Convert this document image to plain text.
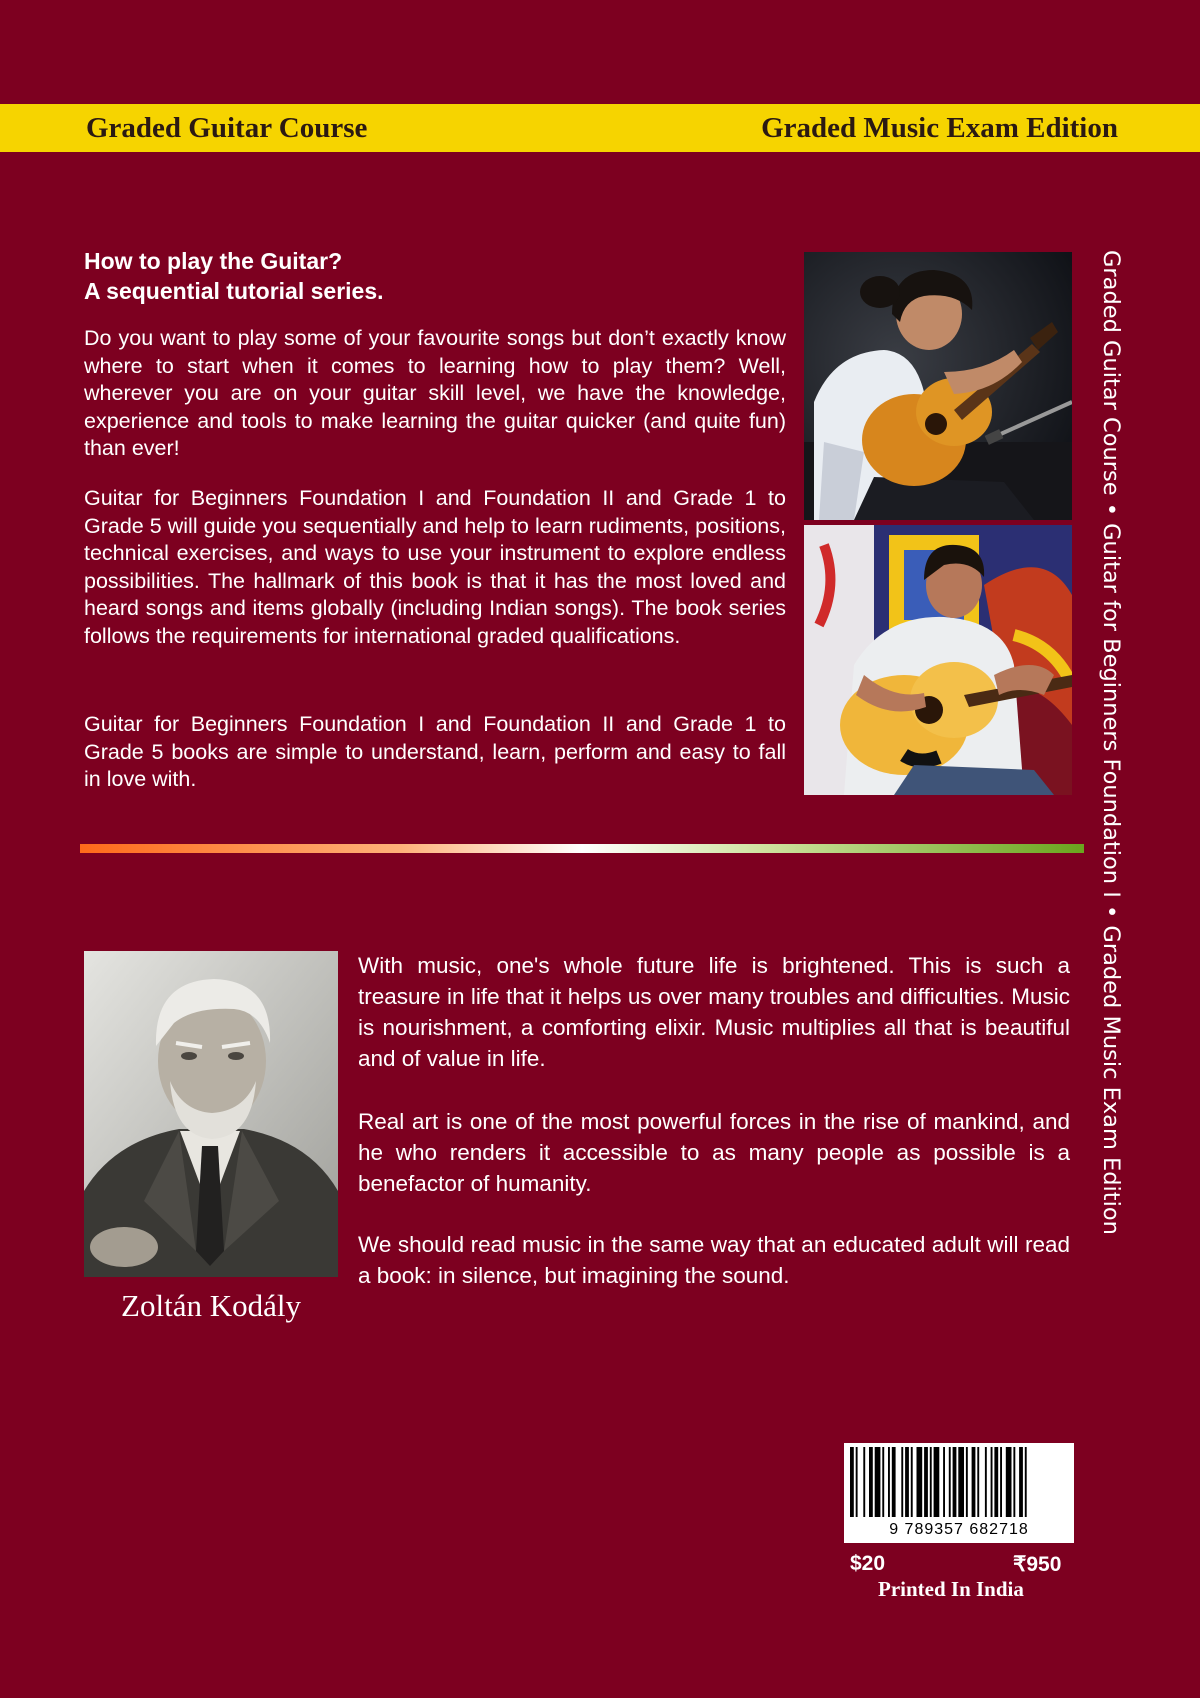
Graded Guitar Course	Graded Music Exam Edition
How to play the Guitar?
A sequential tutorial series.
Do you want to play some of your favourite songs but don’t exactly know where to start when it comes to learning how to play them? Well, wherever you are on your guitar skill level, we have the knowledge, experience and tools to make learning the guitar quicker (and quite fun) than ever!
Guitar for Beginners Foundation I and Foundation II and Grade 1 to Grade 5 will guide you sequentially and help to learn rudiments, positions, technical exercises, and ways to use your instrument to explore endless possibilities. The hallmark of this book is that it has the most loved and heard songs and items globally (including Indian songs). The book series follows the requirements for international graded qualifications.
Guitar for Beginners Foundation I and Foundation II and Grade 1 to Grade 5 books are simple to understand, learn, perform and easy to fall in love with.
Zoltán Kodály
With music, one's whole future life is brightened. This is such a treasure in life that it helps us over many troubles and difficulties. Music is nourishment, a comforting elixir. Music multiplies all that is beautiful and of value in life.
Real art is one of the most powerful forces in the rise of mankind, and he who renders it accessible to as many people as possible is a benefactor of humanity.
We should read music in the same way that an educated adult will read a book: in silence, but imagining the sound.
Graded Guitar Course • Guitar for Beginners Foundation I • Graded Music Exam Edition
9 789357 682718
$20	₹950
Printed In India
